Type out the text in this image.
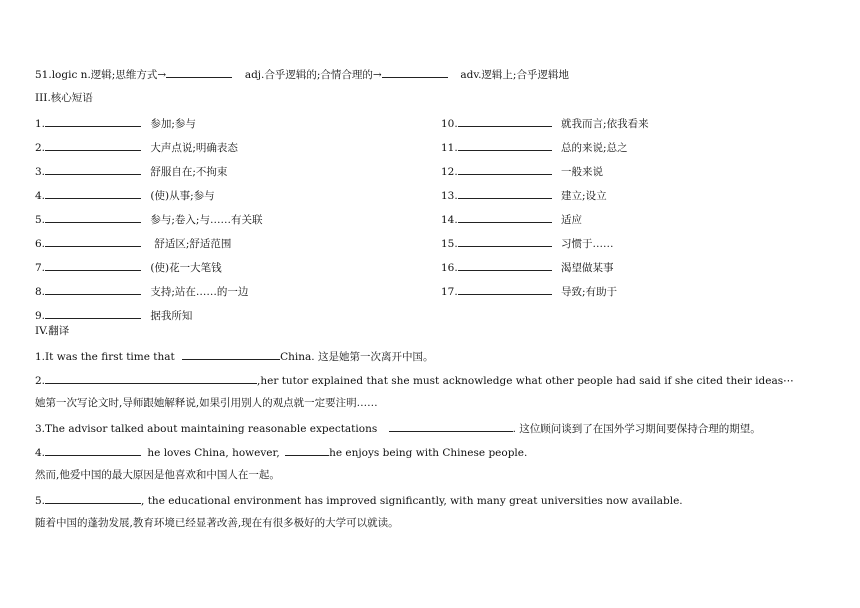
51.logic n.逻辑;思维方式→	adj.合乎逻辑的;合情合理的→	adv.逻辑上;合乎逻辑地
III.核心短语
1.	参加;参与
2.	大声点说;明确表态
3.	舒服自在;不拘束
4.	(使)从事;参与
5.	参与;卷入;与……有关联
6.	舒适区;舒适范围
7.	(使)花一大笔钱
8.	支持;站在……的一边
9.	据我所知
10.	就我而言;依我看来
11.	总的来说;总之
12.	一般来说
13.	建立;设立
14.	适应
15.	习惯于……
16.	渴望做某事
17.	导致;有助于
IV.翻译
1.It was the first time that	China. 这是她第一次离开中国。
2.	,her tutor explained that she must acknowledge what other people had said if she cited their ideas⋯
她第一次写论文时,导师跟她解释说,如果引用别人的观点就一定要注明……
3.The advisor talked about maintaining reasonable expectations	. 这位顾问谈到了在国外学习期间要保持合理的期望。
4.	he loves China, however,	he enjoys being with Chinese people.
然而,他爱中国的最大原因是他喜欢和中国人在一起。
5.	, the educational environment has improved significantly, with many great universities now available.
随着中国的蓬勃发展,教育环境已经显著改善,现在有很多极好的大学可以就读。
